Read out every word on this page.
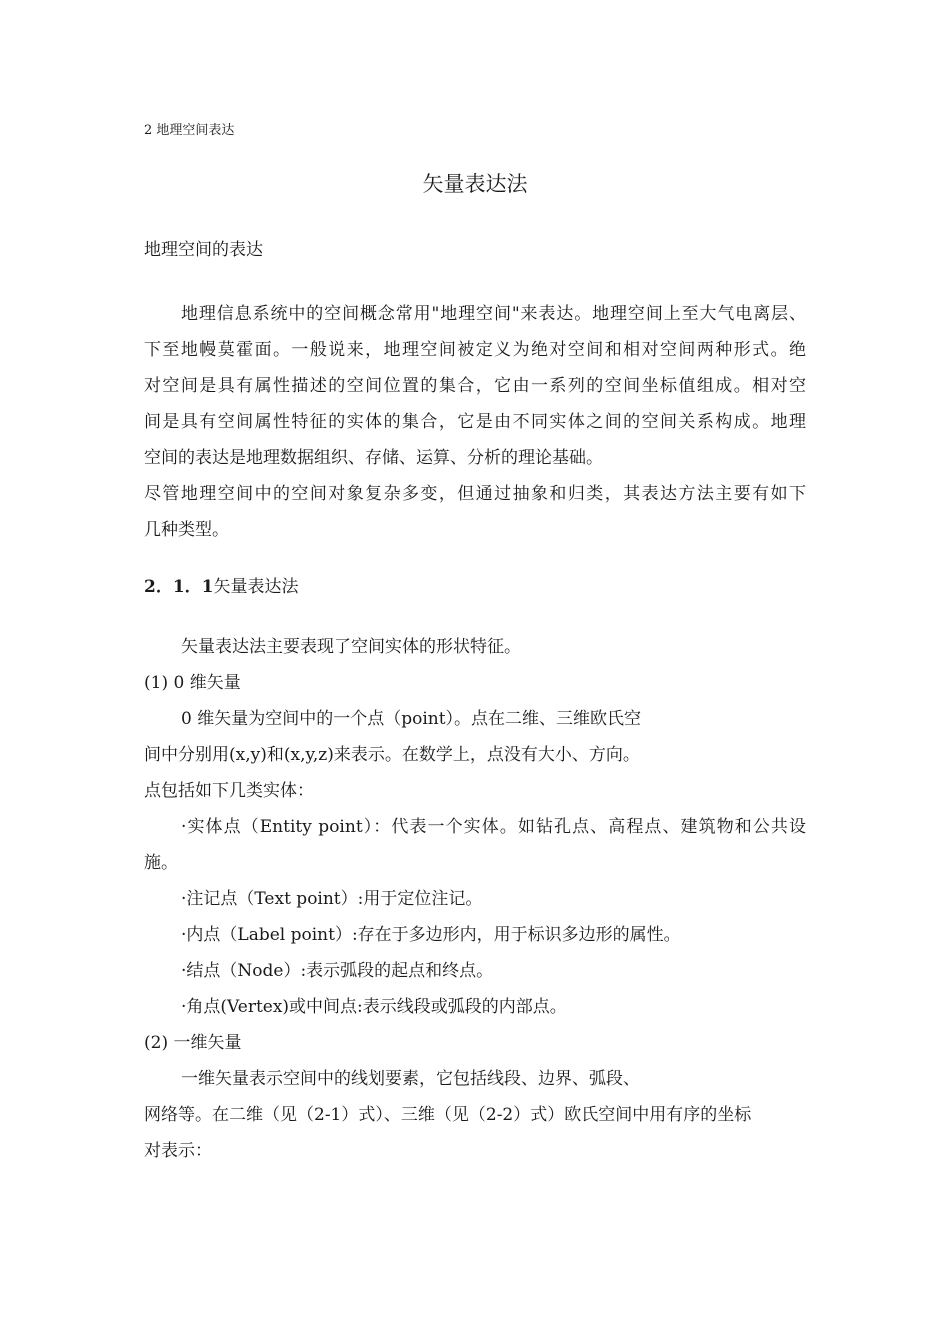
2 地理空间表达
矢量表达法
地理空间的表达
地理信息系统中的空间概念常用"地理空间"来表达。地理空间上至大气电离层、
下至地幔莫霍面。一般说来，地理空间被定义为绝对空间和相对空间两种形式。绝
对空间是具有属性描述的空间位置的集合，它由一系列的空间坐标值组成。相对空
间是具有空间属性特征的实体的集合，它是由不同实体之间的空间关系构成。地理
空间的表达是地理数据组织、存储、运算、分析的理论基础。
尽管地理空间中的空间对象复杂多变，但通过抽象和归类，其表达方法主要有如下
几种类型。
2．1．1矢量表达法
矢量表达法主要表现了空间实体的形状特征。
(1) 0 维矢量
0 维矢量为空间中的一个点（point）。点在二维、三维欧氏空
间中分别用(x,y)和(x,y,z)来表示。在数学上，点没有大小、方向。
点包括如下几类实体：
·实体点（Entity point）：代表一个实体。如钻孔点、高程点、建筑物和公共设
施。
·注记点（Text point）:用于定位注记。
·内点（Label point）:存在于多边形内，用于标识多边形的属性。
·结点（Node）:表示弧段的起点和终点。
·角点(Vertex)或中间点:表示线段或弧段的内部点。
(2) 一维矢量
一维矢量表示空间中的线划要素，它包括线段、边界、弧段、
网络等。在二维（见（2-1）式）、三维（见（2-2）式）欧氏空间中用有序的坐标
对表示：
